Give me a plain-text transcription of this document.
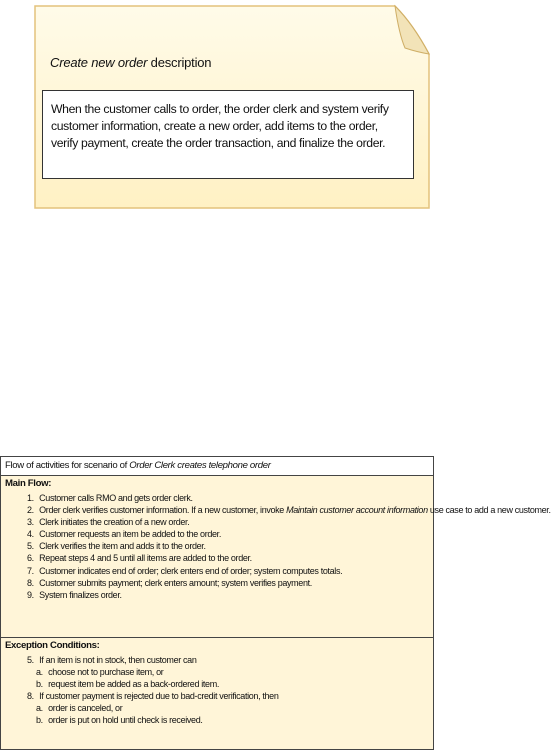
Create new order description
When the customer calls to order, the order clerk and system verify customer information, create a new order, add items to the order, verify payment, create the order transaction, and finalize the order.
Flow of activities for scenario of Order Clerk creates telephone order
Main Flow:
1. Customer calls RMO and gets order clerk.
2. Order clerk verifies customer information. If a new customer, invoke Maintain customer account information use case to add a new customer.
3. Clerk initiates the creation of a new order.
4. Customer requests an item be added to the order.
5. Clerk verifies the item and adds it to the order.
6. Repeat steps 4 and 5 until all items are added to the order.
7. Customer indicates end of order; clerk enters end of order; system computes totals.
8. Customer submits payment; clerk enters amount; system verifies payment.
9. System finalizes order.
Exception Conditions:
5. If an item is not in stock, then customer can
a. choose not to purchase item, or
b. request item be added as a back-ordered item.
8. If customer payment is rejected due to bad-credit verification, then
a. order is canceled, or
b. order is put on hold until check is received.
